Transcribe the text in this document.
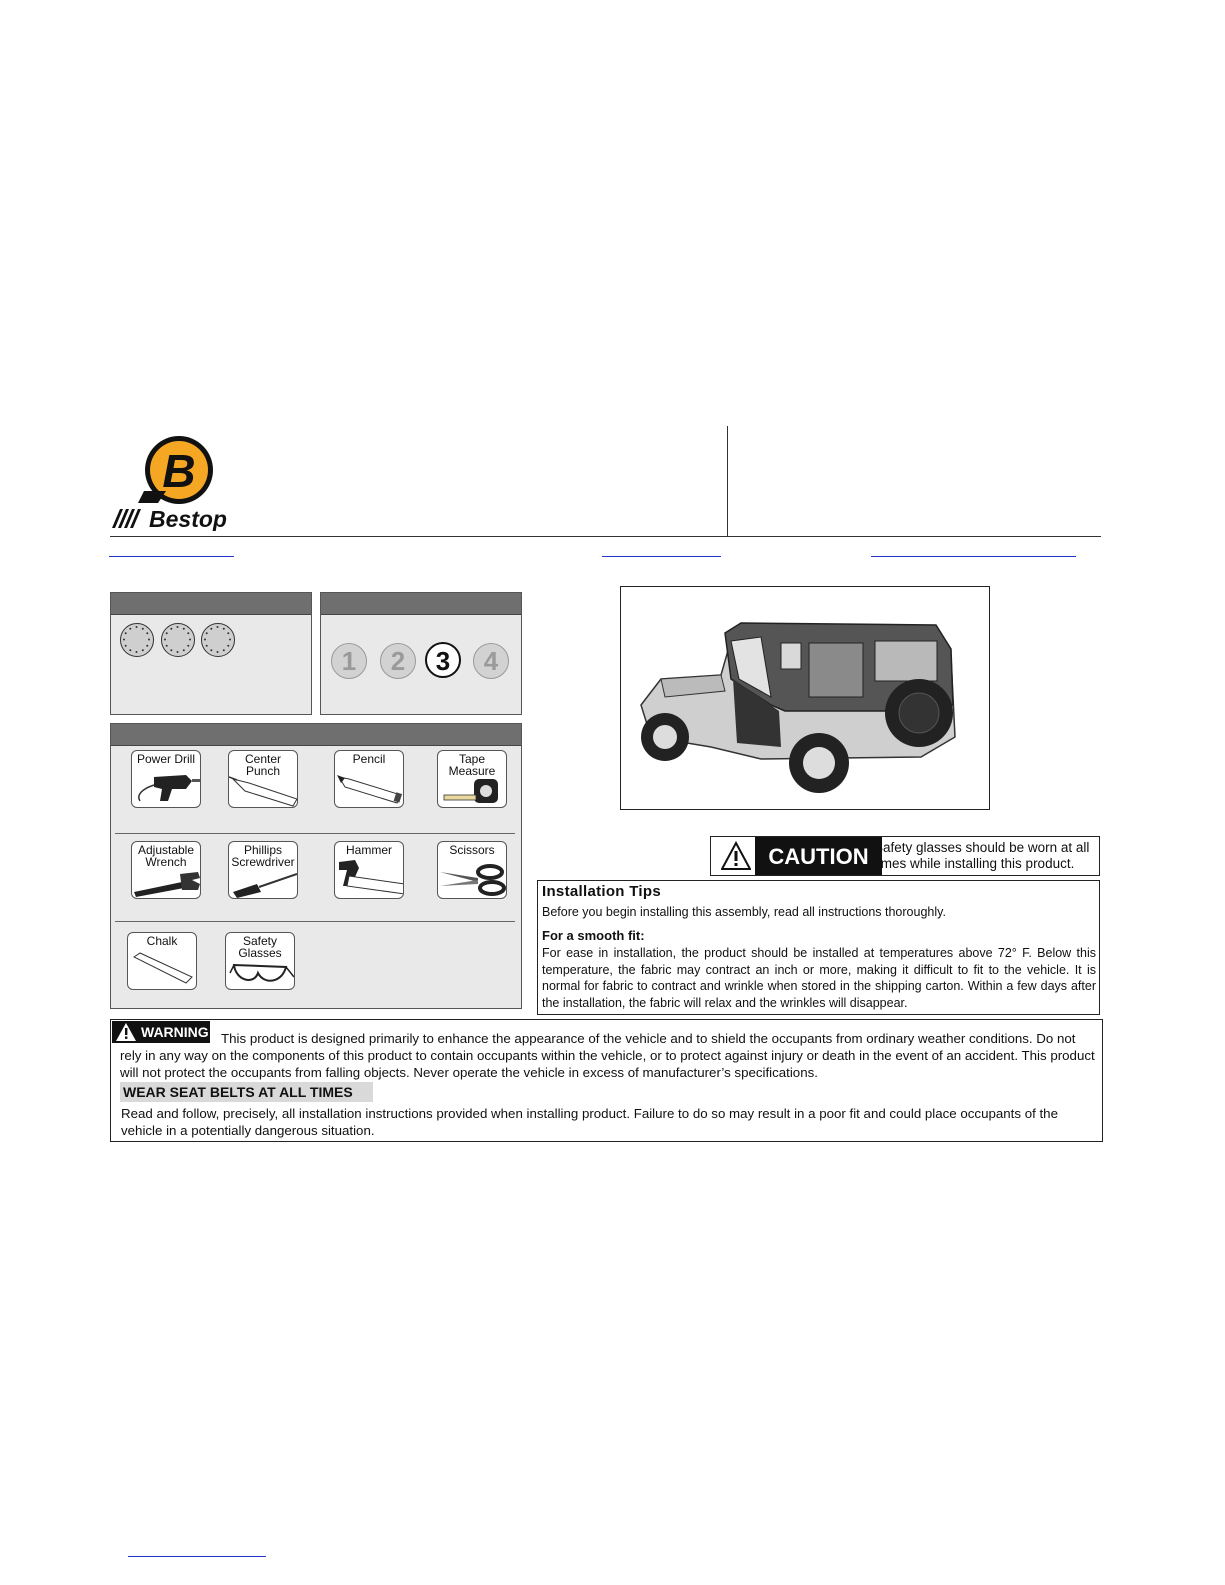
B
Bestop
1	2	3	4
Power Drill	Center
Punch
Pencil	Tape
Measure
Adjustable
Wrench
Phillips
Screwdriver
Hammer	Scissors
Chalk	Safety
Glasses
CAUTION Safety glasses should be worn at all times while installing this product.
Installation Tips
Before you begin installing this assembly, read all instructions thoroughly.
For a smooth fit:
For ease in installation, the product should be installed at temperatures above 72° F. Below this temperature, the fabric may contract an inch or more, making it difficult to fit to the vehicle. It is normal for fabric to contract and wrinkle when stored in the shipping carton. Within a few days after the installation, the fabric will relax and the wrinkles will disappear.
This product is designed primarily to enhance the appearance of the vehicle and to shield the occupants from ordinary weather conditions. Do not rely in any way on the components of this product to contain occupants within the vehicle, or to protect against injury or death in the event of an accident. This product will not protect the occupants from falling objects. Never operate the vehicle in excess of manufacturer’s specifications.
WARNING
WEAR SEAT BELTS AT ALL TIMES
Read and follow, precisely, all installation instructions provided when installing product. Failure to do so may result in a poor fit and could place occupants of the vehicle in a potentially dangerous situation.
